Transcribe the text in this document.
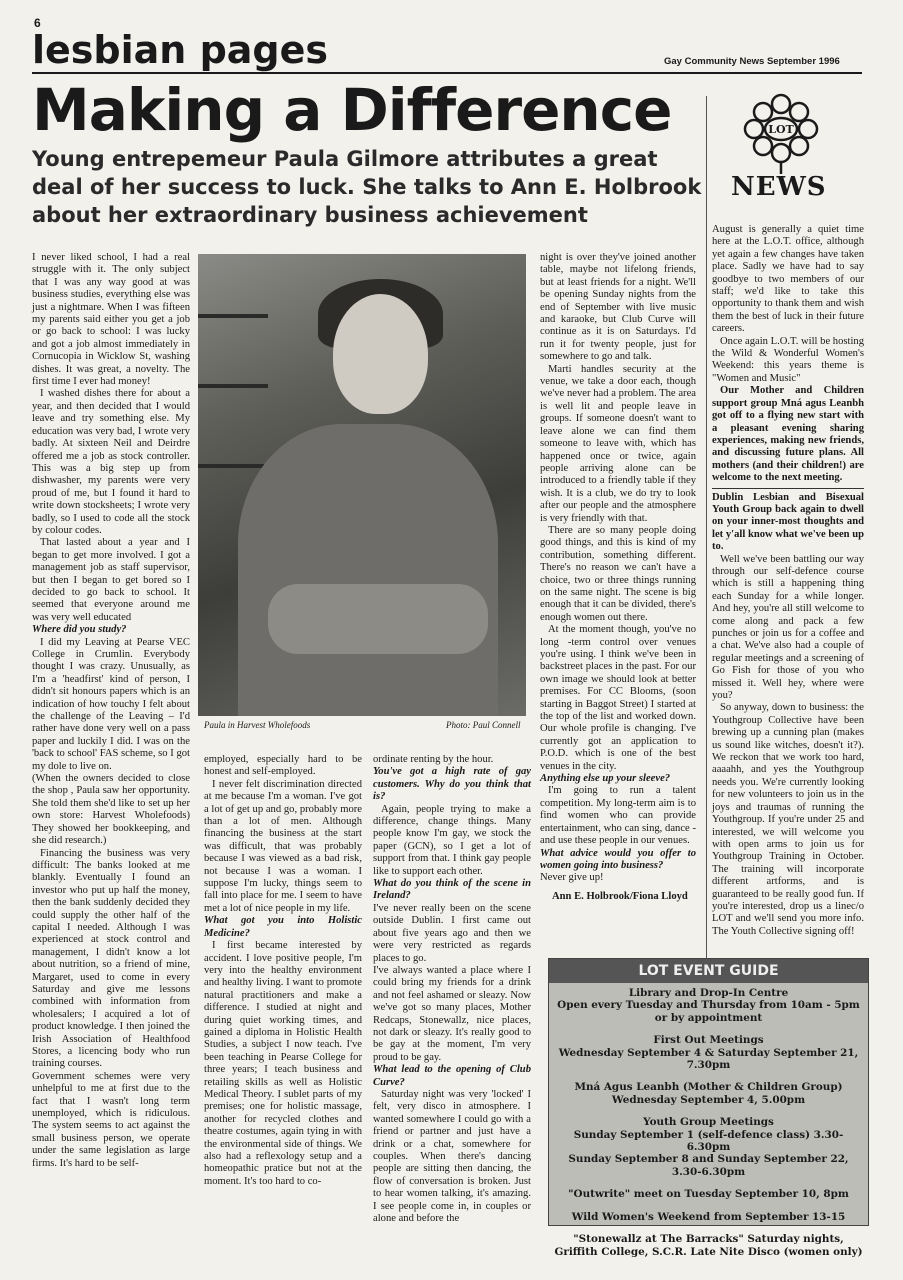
6
lesbian pages	Gay Community News September 1996
Making a Difference
Young entrepemeur Paula Gilmore attributes a great deal of her success to luck. She talks to Ann E. Holbrook about her extraordinary business achievement
Paula in Harvest Wholefoods	Photo: Paul Connell

I never liked school, I had a real struggle with it. The only subject that I was any way good at was business studies, everything else was just a nightmare. When I was fifteen my parents said either you get a job or go back to school: I was lucky and got a job almost immediately in Cornucopia in Wicklow St, washing dishes. It was great, a novelty. The first time I ever had money!

I washed dishes there for about a year, and then decided that I would leave and try something else. My education was very bad, I wrote very badly. At sixteen Neil and Deirdre offered me a job as stock controller. This was a big step up from dishwasher, my parents were very proud of me, but I found it hard to write down stocksheets; I wrote very badly, so I used to code all the stock by colour codes.

That lasted about a year and I began to get more involved. I got a management job as staff supervisor, but then I began to get bored so I decided to go back to school. It seemed that everyone around me was very well educated

Where did you study?

I did my Leaving at Pearse VEC College in Crumlin. Everybody thought I was crazy. Unusually, as I'm a 'headfirst' kind of person, I didn't sit honours papers which is an indication of how touchy I felt about the challenge of the Leaving – I'd rather have done very well on a pass paper and luckily I did. I was on the 'back to school' FAS scheme, so I got my dole to live on.

(When the owners decided to close the shop , Paula saw her opportunity. She told them she'd like to set up her own store: Harvest Wholefoods) They showed her bookkeeping, and she did research.)

Financing the business was very difficult: The banks looked at me blankly. Eventually I found an investor who put up half the money, then the bank suddenly decided they could supply the other half of the capital I needed. Although I was experienced at stock control and management, I didn't know a lot about nutrition, so a friend of mine, Margaret, used to come in every Saturday and give me lessons combined with information from wholesalers; I acquired a lot of product knowledge. I then joined the Irish Association of Healthfood Stores, a licencing body who run training courses.

Government schemes were very unhelpful to me at first due to the fact that I wasn't long term unemployed, which is ridiculous. The system seems to act against the small business person, we operate under the same legislation as large firms. It's hard to be self-

employed, especially hard to be honest and self-employed.

I never felt discrimination directed at me because I'm a woman. I've got a lot of get up and go, probably more than a lot of men. Although financing the business at the start was difficult, that was probably because I was viewed as a bad risk, not because I was a woman. I suppose I'm lucky, things seem to fall into place for me. I seem to have met a lot of nice people in my life.

What got you into Holistic Medicine?

I first became interested by accident. I love positive people, I'm very into the healthy environment and healthy living. I want to promote natural practitioners and make a difference. I studied at night and during quiet working times, and gained a diploma in Holistic Health Studies, a subject I now teach. I've been teaching in Pearse College for three years; I teach business and retailing skills as well as Holistic Medical Theory. I sublet parts of my premises; one for holistic massage, another for recycled clothes and theatre costumes, again tying in with the environmental side of things. We also had a reflexology setup and a homeopathic pratice but not at the moment. It's too hard to co-

ordinate renting by the hour.

You've got a high rate of gay customers. Why do you think that is?

Again, people trying to make a difference, change things. Many people know I'm gay, we stock the paper (GCN), so I get a lot of support from that. I think gay people like to support each other.

What do you think of the scene in Ireland?

I've never really been on the scene outside Dublin. I first came out about five years ago and then we were very restricted as regards places to go.

I've always wanted a place where I could bring my friends for a drink and not feel ashamed or sleazy. Now we've got so many places, Mother Redcaps, Stonewallz, nice places, not dark or sleazy. It's really good to be gay at the moment, I'm very proud to be gay.

What lead to the opening of Club Curve?

Saturday night was very 'locked' I felt, very disco in atmosphere. I wanted somewhere I could go with a friend or partner and just have a drink or a chat, somewhere for couples. When there's dancing people are sitting then dancing, the flow of conversation is broken. Just to hear women talking, it's amazing. I see people come in, in couples or alone and before the

night is over they've joined another table, maybe not lifelong friends, but at least friends for a night. We'll be opening Sunday nights from the end of September with live music and karaoke, but Club Curve will continue as it is on Saturdays. I'd run it for twenty people, just for somewhere to go and talk.

Marti handles security at the venue, we take a door each, though we've never had a problem. The area is well lit and people leave in groups. If someone doesn't want to leave alone we can find them someone to leave with, which has happened once or twice, again people arriving alone can be introduced to a friendly table if they wish. It is a club, we do try to look after our people and the atmosphere is very friendly with that.

There are so many people doing good things, and this is kind of my contribution, something different. There's no reason we can't have a choice, two or three things running on the same night. The scene is big enough that it can be divided, there's enough women out there.

At the moment though, you've no long -term control over venues you're using. I think we've been in backstreet places in the past. For our own image we should look at better premises. For CC Blooms, (soon starting in Baggot Street) I started at the top of the list and worked down. Our whole profile is changing. I've currently got an application to P.O.D. which is one of the best venues in the city.

Anything else up your sleeve?

I'm going to run a talent competition. My long-term aim is to find women who can provide entertainment, who can sing, dance - and use these people in our venues.

What advice would you offer to women going into business?

Never give up!

Ann E. Holbrook/Fiona Lloyd

LOT
NEWS

August is generally a quiet time here at the L.O.T. office, although yet again a few changes have taken place. Sadly we have had to say goodbye to two members of our staff; we'd like to take this opportunity to thank them and wish them the best of luck in their future careers.

Once again L.O.T. will be hosting the Wild & Wonderful Women's Weekend: this years theme is "Women and Music"

Our Mother and Children support group Mná agus Leanbh got off to a flying new start with a pleasant evening sharing experiences, making new friends, and discussing future plans. All mothers (and their children!) are welcome to the next meeting.

Dublin Lesbian and Bisexual Youth Group back again to dwell on your inner-most thoughts and let y'all know what we've been up to.

Well we've been battling our way through our self-defence course which is still a happening thing each Sunday for a while longer. And hey, you're all still welcome to come along and pack a few punches or join us for a coffee and a chat. We've also had a couple of regular meetings and a screening of Go Fish for those of you who missed it. Well hey, where were you?

So anyway, down to business: the Youthgroup Collective have been brewing up a cunning plan (makes us sound like witches, doesn't it?). We reckon that we work too hard, aaaahh, and yes the Youthgroup needs you. We're currently looking for new volunteers to join us in the joys and traumas of running the Youthgroup. If you're under 25 and interested, we will welcome you with open arms to join us for Youthgroup Training in October. The training will incorporate different artforms, and is guaranteed to be really good fun. If you're interested, drop us a linec/o LOT and we'll send you more info. The Youth Collective signing off!

LOT EVENT GUIDE
Library and Drop-In Centre
Open every Tuesday and Thursday from 10am - 5pm or by appointment
First Out Meetings
Wednesday September 4 & Saturday September 21, 7.30pm
Mná Agus Leanbh (Mother & Children Group)
Wednesday September 4, 5.00pm
Youth Group Meetings
Sunday September 1 (self-defence class) 3.30-6.30pm
Sunday September 8 and Sunday September 22, 3.30-6.30pm
"Outwrite" meet on Tuesday September 10, 8pm
Wild Women's Weekend from September 13-15
"Stonewallz at The Barracks" Saturday nights, Griffith College, S.C.R. Late Nite Disco (women only)
